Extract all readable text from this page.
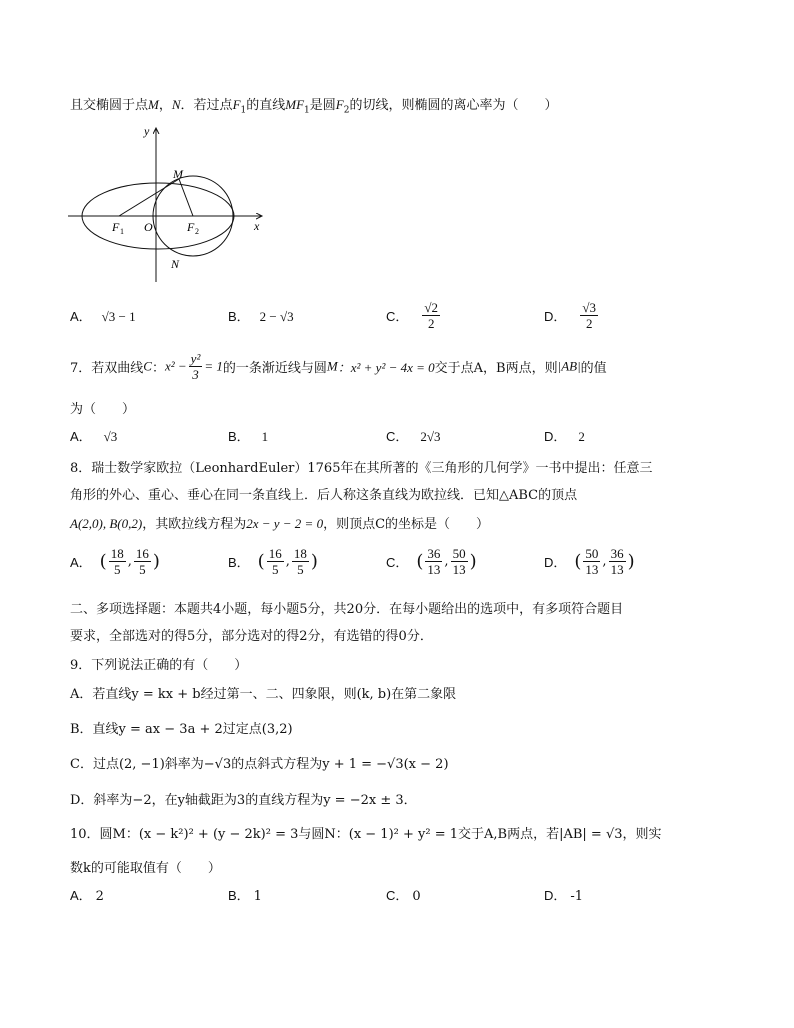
且交椭圆于点M，N．若过点$F_1$的直线$MF_1$是圆$F_2$的切线，则椭圆的离心率为（　　）
y
x
O
M
N
F 1	F 2
A． √3 − 1	B． 2 − √3	C． $\frac{√2}{2}$	D． $\frac{√3}{2}$
7．若双曲线C：$x^2 - \frac{\text{y²}}{3} = 1$的一条渐近线与圆M：x² + y² − 4x = 0交于点A，B两点，则|AB|的值
为（　　）
A． √3	B． 1	C． 2√3	D． 2
8．瑞士数学家欧拉（LeonhardEuler）1765年在其所著的《三角形的几何学》一书中提出：任意三
角形的外心、重心、垂心在同一条直线上．后人称这条直线为欧拉线．已知△ABC的顶点
A(2,0), B(0,2)，其欧拉线方程为2x − y − 2 = 0，则顶点C的坐标是（　　）
A． ( $\frac{18}{5}$ , $\frac{16}{5}$ )	B． ( $\frac{16}{5}$ , $\frac{18}{5}$ )	C． ( $\frac{36}{13}$ , $\frac{50}{13}$ )	D． ( $\frac{50}{13}$ , $\frac{36}{13}$ )
二、多项选择题：本题共4小题，每小题5分，共20分．在每小题给出的选项中，有多项符合题目
要求，全部选对的得5分，部分选对的得2分，有选错的得0分．
9．下列说法正确的有（　　）
A．若直线y = kx + b经过第一、二、四象限，则(k, b)在第二象限
B．直线y = ax − 3a + 2过定点(3,2)
C．过点(2, −1)斜率为−√3的点斜式方程为y + 1 = −√3(x − 2)
D．斜率为−2，在y轴截距为3的直线方程为y = −2x ± 3．
10．圆M：(x − k²)² + (y − 2k)² = 3与圆N：(x − 1)² + y² = 1交于A,B两点，若|AB| = √3，则实
数k的可能取值有（　　）
A． 2	B． 1	C． 0	D． -1
